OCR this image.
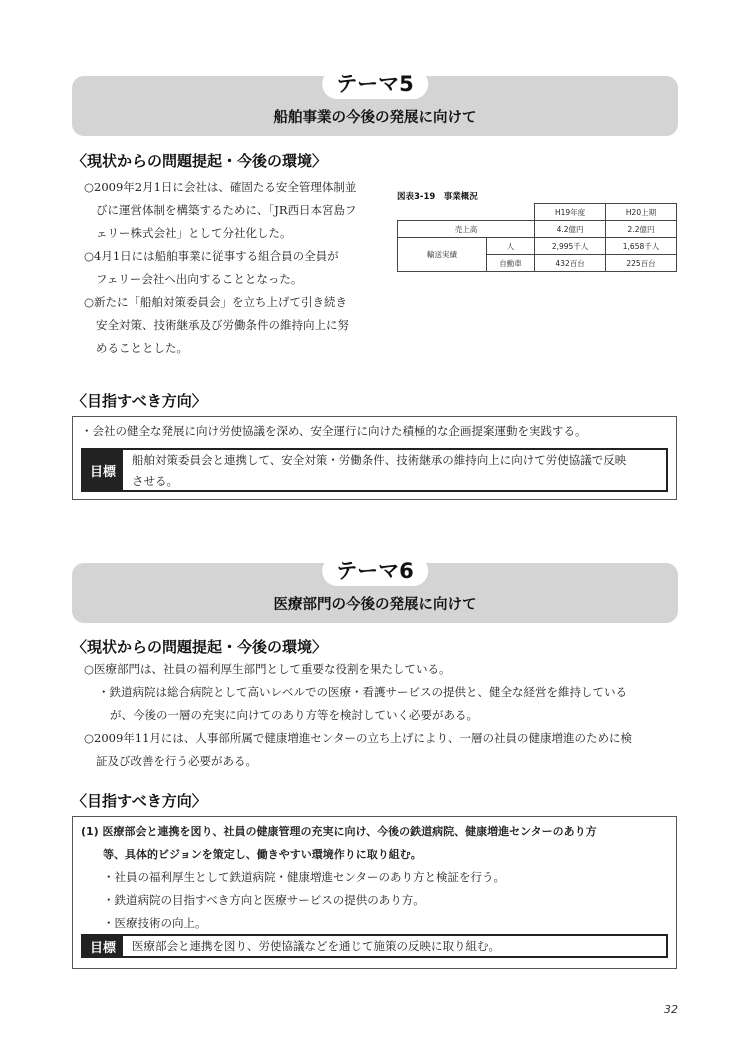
テーマ5
船舶事業の今後の発展に向けて
〈現状からの問題提起・今後の環境〉
○2009年2月1日に会社は、確固たる安全管理体制並
びに運営体制を構築するために、「JR西日本宮島フ
ェリー株式会社」として分社化した。
○4月1日には船舶事業に従事する組合員の全員が
フェリー会社へ出向することとなった。
○新たに「船舶対策委員会」を立ち上げて引き続き
安全対策、技術継承及び労働条件の維持向上に努
めることとした。
図表3-19　事業概況
		H19年度	H20上期
売上高		4.2億円	2.2億円
輸送実績	人	2,995千人	1,658千人
	自動車	432百台	225百台
〈目指すべき方向〉
・会社の健全な発展に向け労使協議を深め、安全運行に向けた積極的な企画提案運動を実践する。
目標
船舶対策委員会と連携して、安全対策・労働条件、技術継承の維持向上に向けて労使協議で反映
させる。
テーマ6
医療部門の今後の発展に向けて
〈現状からの問題提起・今後の環境〉
○医療部門は、社員の福利厚生部門として重要な役割を果たしている。
・鉄道病院は総合病院として高いレベルでの医療・看護サービスの提供と、健全な経営を維持している
が、今後の一層の充実に向けてのあり方等を検討していく必要がある。
○2009年11月には、人事部所属で健康増進センターの立ち上げにより、一層の社員の健康増進のために検
証及び改善を行う必要がある。
〈目指すべき方向〉
(1) 医療部会と連携を図り、社員の健康管理の充実に向け、今後の鉄道病院、健康増進センターのあり方
等、具体的ビジョンを策定し、働きやすい環境作りに取り組む。
・社員の福利厚生として鉄道病院・健康増進センターのあり方と検証を行う。
・鉄道病院の目指すべき方向と医療サービスの提供のあり方。
・医療技術の向上。
目標	医療部会と連携を図り、労使協議などを通じて施策の反映に取り組む。
32
